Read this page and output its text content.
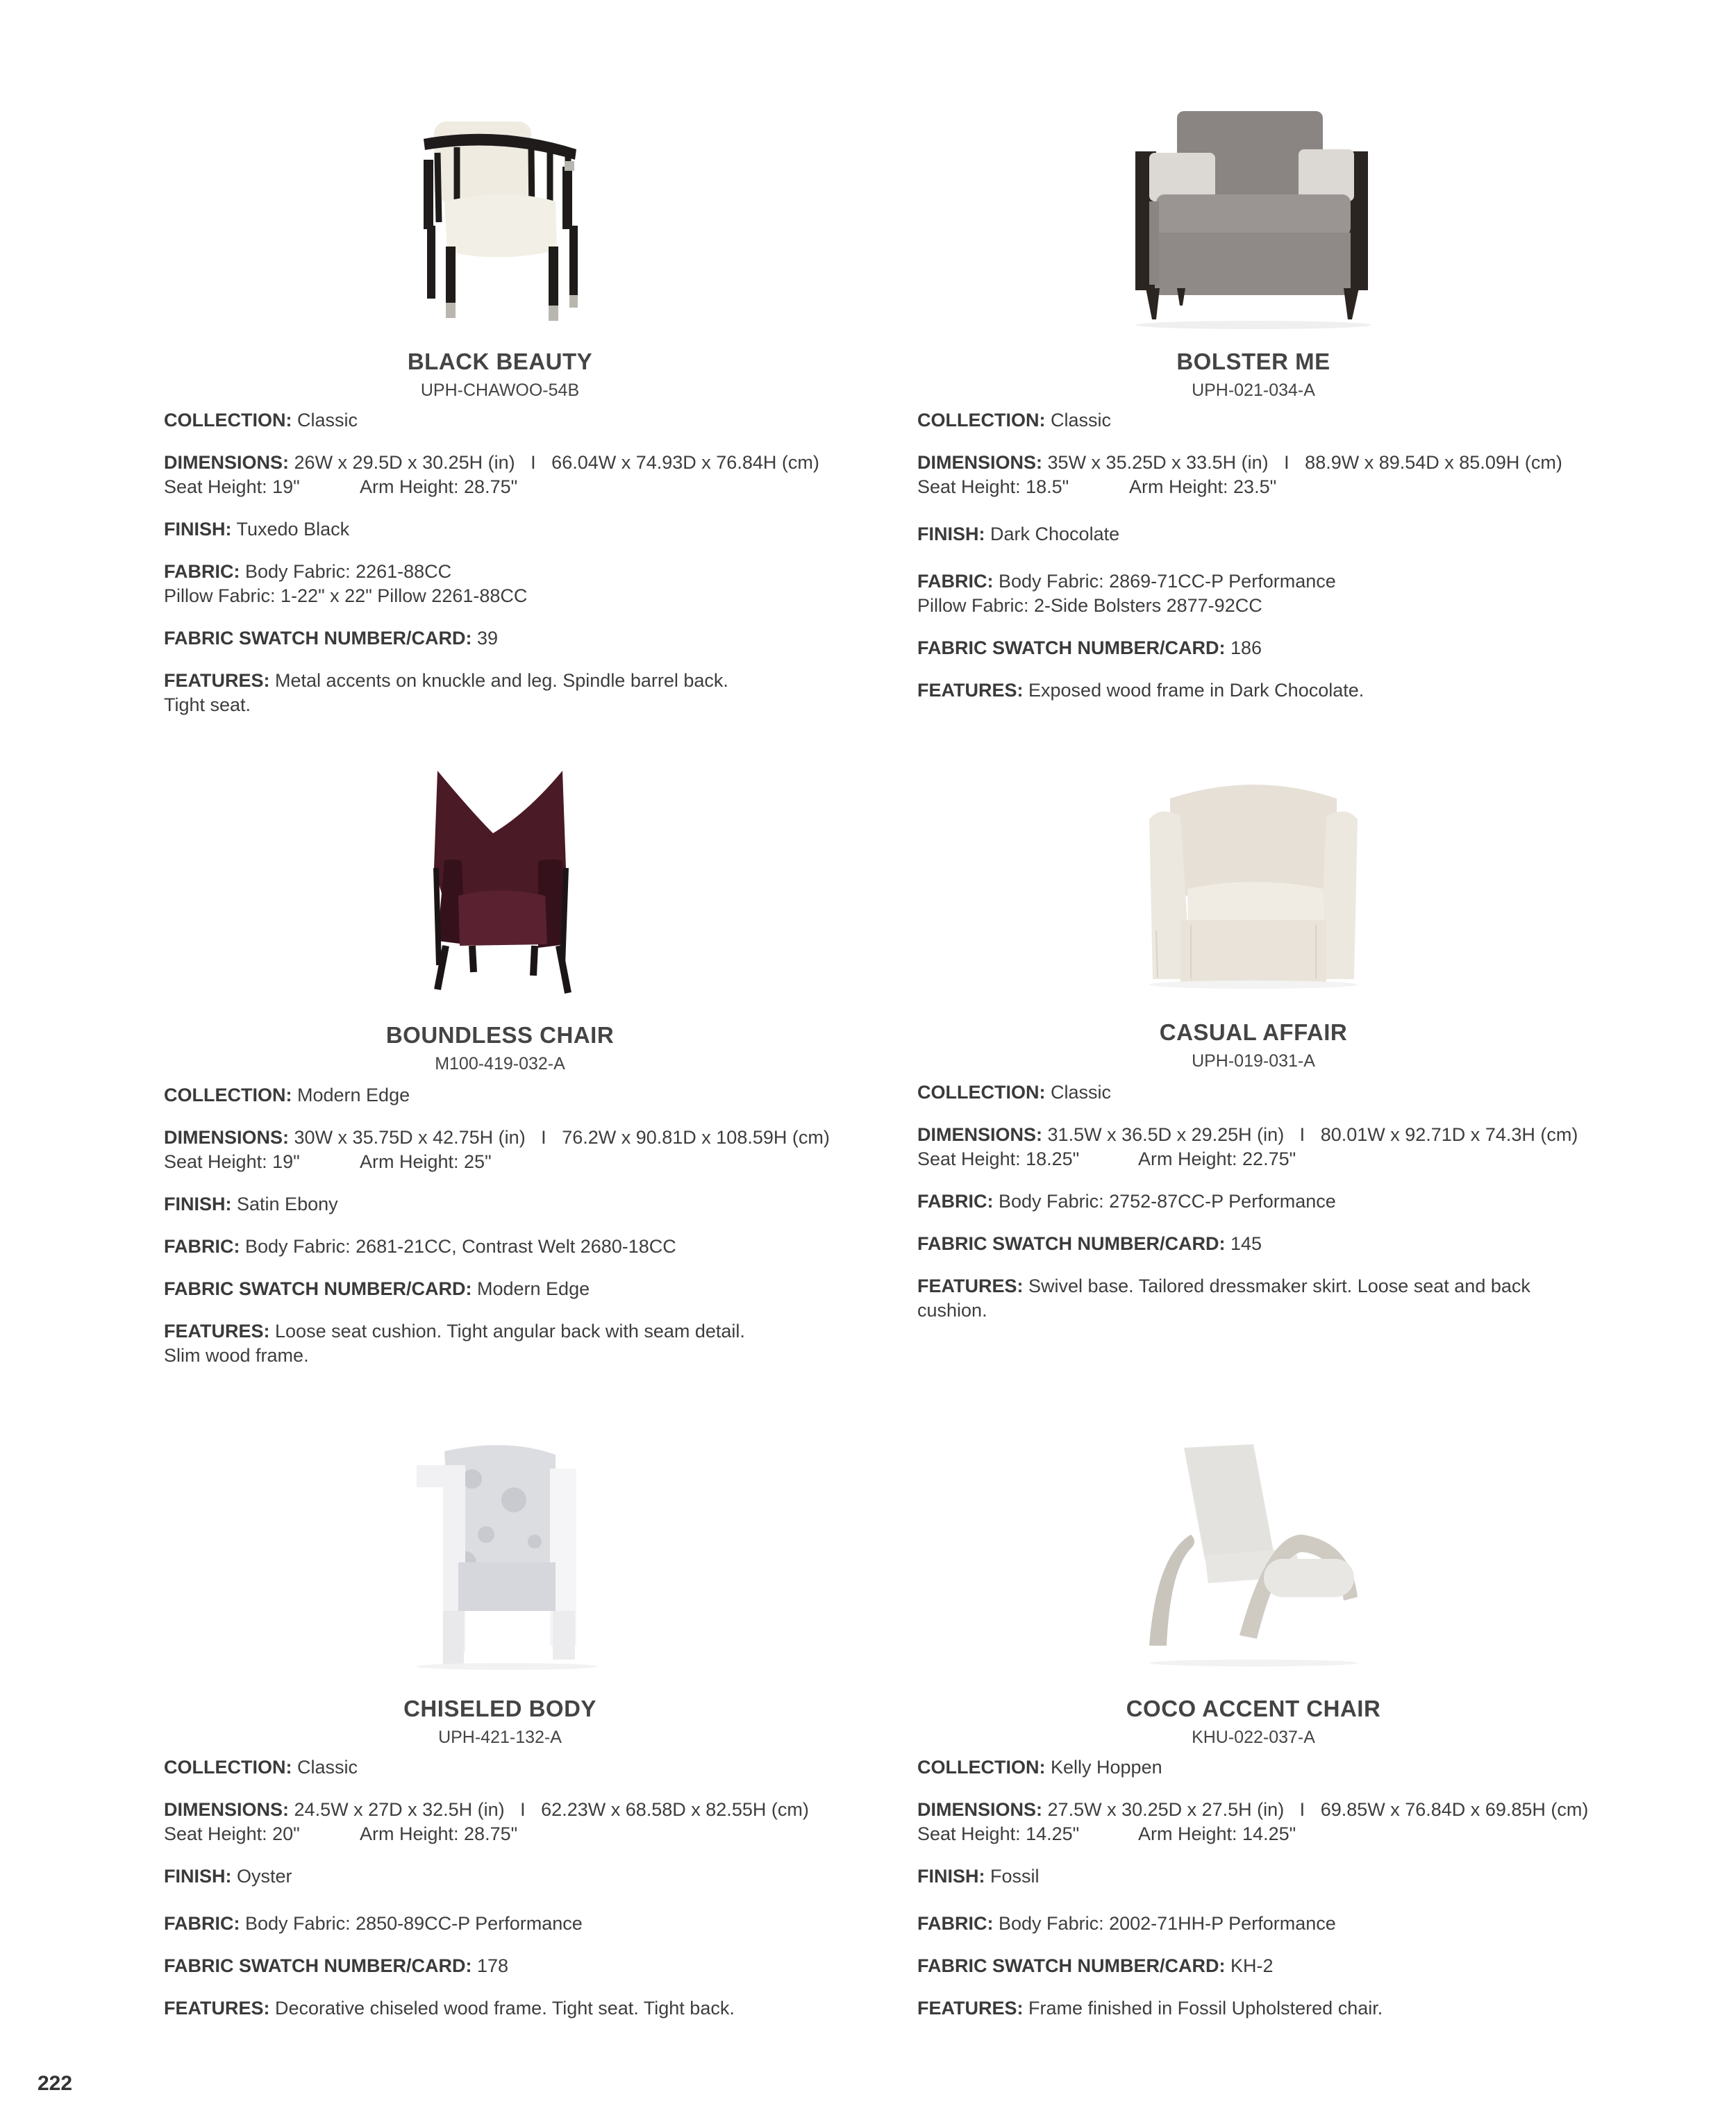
BLACK BEAUTY
UPH-CHAWOO-54B

COLLECTION: Classic

DIMENSIONS: 26W x 29.5D x 30.25H (in)   I   66.04W x 74.93D x 76.84H (cm)

Seat Height: 19"	Arm Height: 28.75"

FINISH: Tuxedo Black

FABRIC: Body Fabric: 2261-88CC
Pillow Fabric: 1-22" x 22" Pillow 2261-88CC

FABRIC SWATCH NUMBER/CARD: 39

FEATURES: Metal accents on knuckle and leg. Spindle barrel back.
Tight seat.

BOLSTER ME
UPH-021-034-A

COLLECTION: Classic

DIMENSIONS: 35W x 35.25D x 33.5H (in)   I   88.9W x 89.54D x 85.09H (cm)

Seat Height: 18.5"	Arm Height: 23.5"

FINISH: Dark Chocolate

FABRIC: Body Fabric: 2869-71CC-P Performance
Pillow Fabric: 2-Side Bolsters 2877-92CC

FABRIC SWATCH NUMBER/CARD: 186

FEATURES: Exposed wood frame in Dark Chocolate.

BOUNDLESS CHAIR
M100-419-032-A

COLLECTION: Modern Edge

DIMENSIONS: 30W x 35.75D x 42.75H (in)   I   76.2W x 90.81D x 108.59H (cm)

Seat Height: 19"	Arm Height: 25"

FINISH: Satin Ebony

FABRIC: Body Fabric: 2681-21CC, Contrast Welt 2680-18CC

FABRIC SWATCH NUMBER/CARD: Modern Edge

FEATURES: Loose seat cushion. Tight angular back with seam detail.
Slim wood frame.

CASUAL AFFAIR
UPH-019-031-A

COLLECTION: Classic

DIMENSIONS: 31.5W x 36.5D x 29.25H (in)   I   80.01W x 92.71D x 74.3H (cm)

Seat Height: 18.25"	Arm Height: 22.75"

FABRIC: Body Fabric: 2752-87CC-P Performance

FABRIC SWATCH NUMBER/CARD: 145

FEATURES: Swivel base. Tailored dressmaker skirt. Loose seat and back
cushion.

CHISELED BODY
UPH-421-132-A

COLLECTION: Classic

DIMENSIONS: 24.5W x 27D x 32.5H (in)   I   62.23W x 68.58D x 82.55H (cm)

Seat Height: 20"	Arm Height: 28.75"

FINISH: Oyster

FABRIC: Body Fabric: 2850-89CC-P Performance

FABRIC SWATCH NUMBER/CARD: 178

FEATURES: Decorative chiseled wood frame. Tight seat. Tight back.

COCO ACCENT CHAIR
KHU-022-037-A

COLLECTION: Kelly Hoppen

DIMENSIONS: 27.5W x 30.25D x 27.5H (in)   I   69.85W x 76.84D x 69.85H (cm)

Seat Height: 14.25"	Arm Height: 14.25"

FINISH: Fossil

FABRIC: Body Fabric: 2002-71HH-P Performance

FABRIC SWATCH NUMBER/CARD: KH-2

FEATURES: Frame finished in Fossil Upholstered chair.

222
